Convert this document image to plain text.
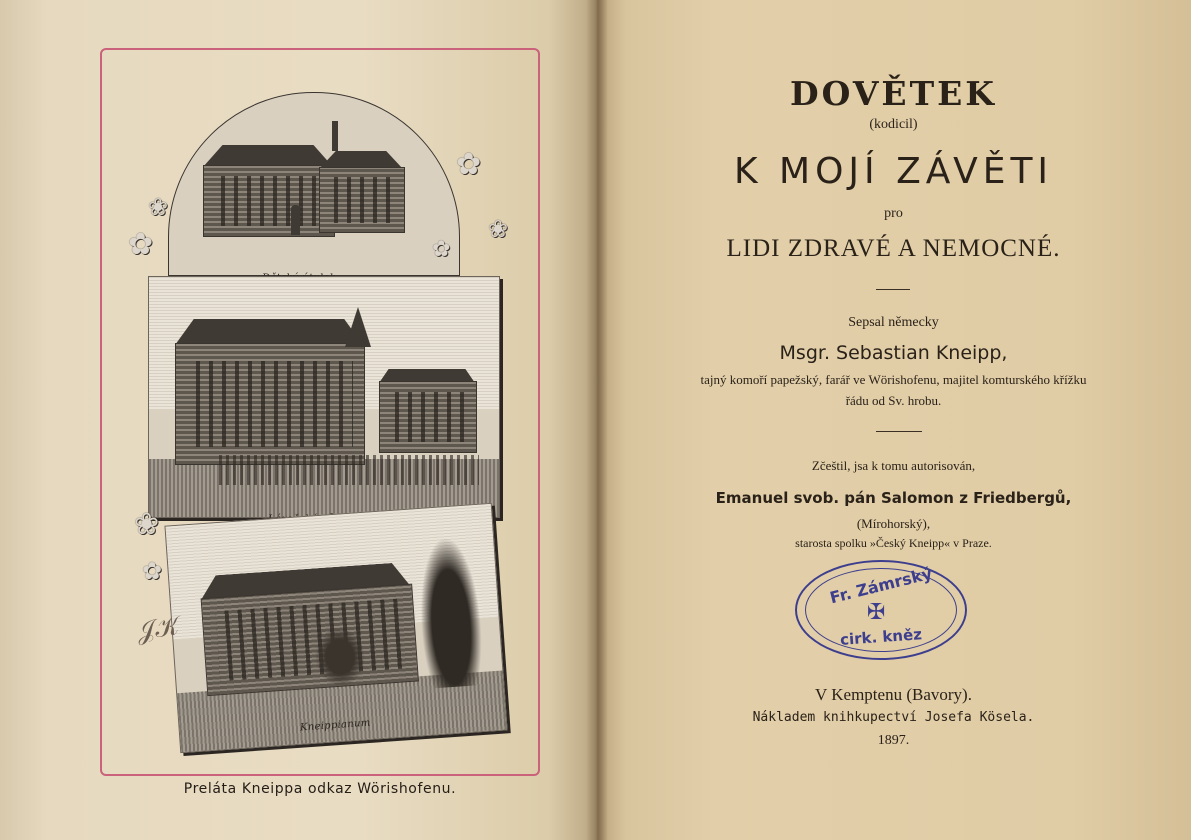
Kneippianum
✿
❀
✿
❀
✿
❀
✿
𝒥𝒦
Preláta Kneippa odkaz Wörishofenu.
DOVĚTEK
(kodicil)
K MOJÍ ZÁVĚTI
pro
LIDI ZDRAVÉ A NEMOCNÉ.
Sepsal německy
Msgr. Sebastian Kneipp,
tajný komoří papežský, farář ve Wörishofenu, majitel komturského křížku
řádu od Sv. hrobu.
Zčeštil, jsa k tomu autorisován,
Emanuel svob. pán Salomon z Friedbergů,
(Mírohorský),
starosta spolku »Český Kneipp« v Praze.
Fr. Zámrský
✠
cirk. kněz
V Kemptenu (Bavory).
Nákladem knihkupectví Josefa Kösela.
1897.
